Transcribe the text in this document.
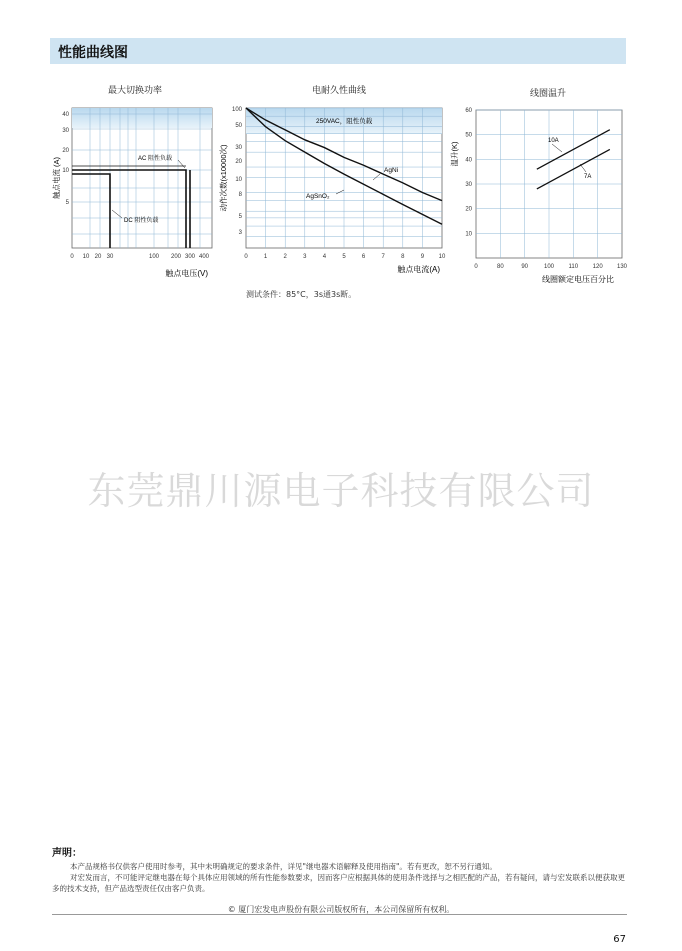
性能曲线图
最大切换功率
AC 阻性负载
DC 阻性负载
40
30
20
10
5
0 10 20 30	100 200 300 400
触点电流 (A)
触点电压(V)
电耐久性曲线
250VAC，阻性负载
AgNi
AgSnO₂
100
50
30
20
10
8
5
3
0	1	2	3	4	5	6	7	8	9 10
动作次数(x10000次)
触点电流(A)
线圈温升
10A
7A
60
50
40
30
20
10
0	80	90	100 110 120 130
温升(K)
线圈额定电压百分比
测试条件：85°C，3s通3s断。
东莞鼎川源电子科技有限公司
声明：

本产品规格书仅供客户使用时参考，其中未明确规定的要求条件，详见"继电器术语解释及使用指南"。若有更改，恕不另行通知。

对宏发而言，不可能评定继电器在每个具体应用领域的所有性能参数要求，因而客户应根据具体的使用条件选择与之相匹配的产品，若有疑问，请与宏发联系以便获取更多的技术支持，但产品选型责任仅由客户负责。

© 厦门宏发电声股份有限公司版权所有，本公司保留所有权利。
67
